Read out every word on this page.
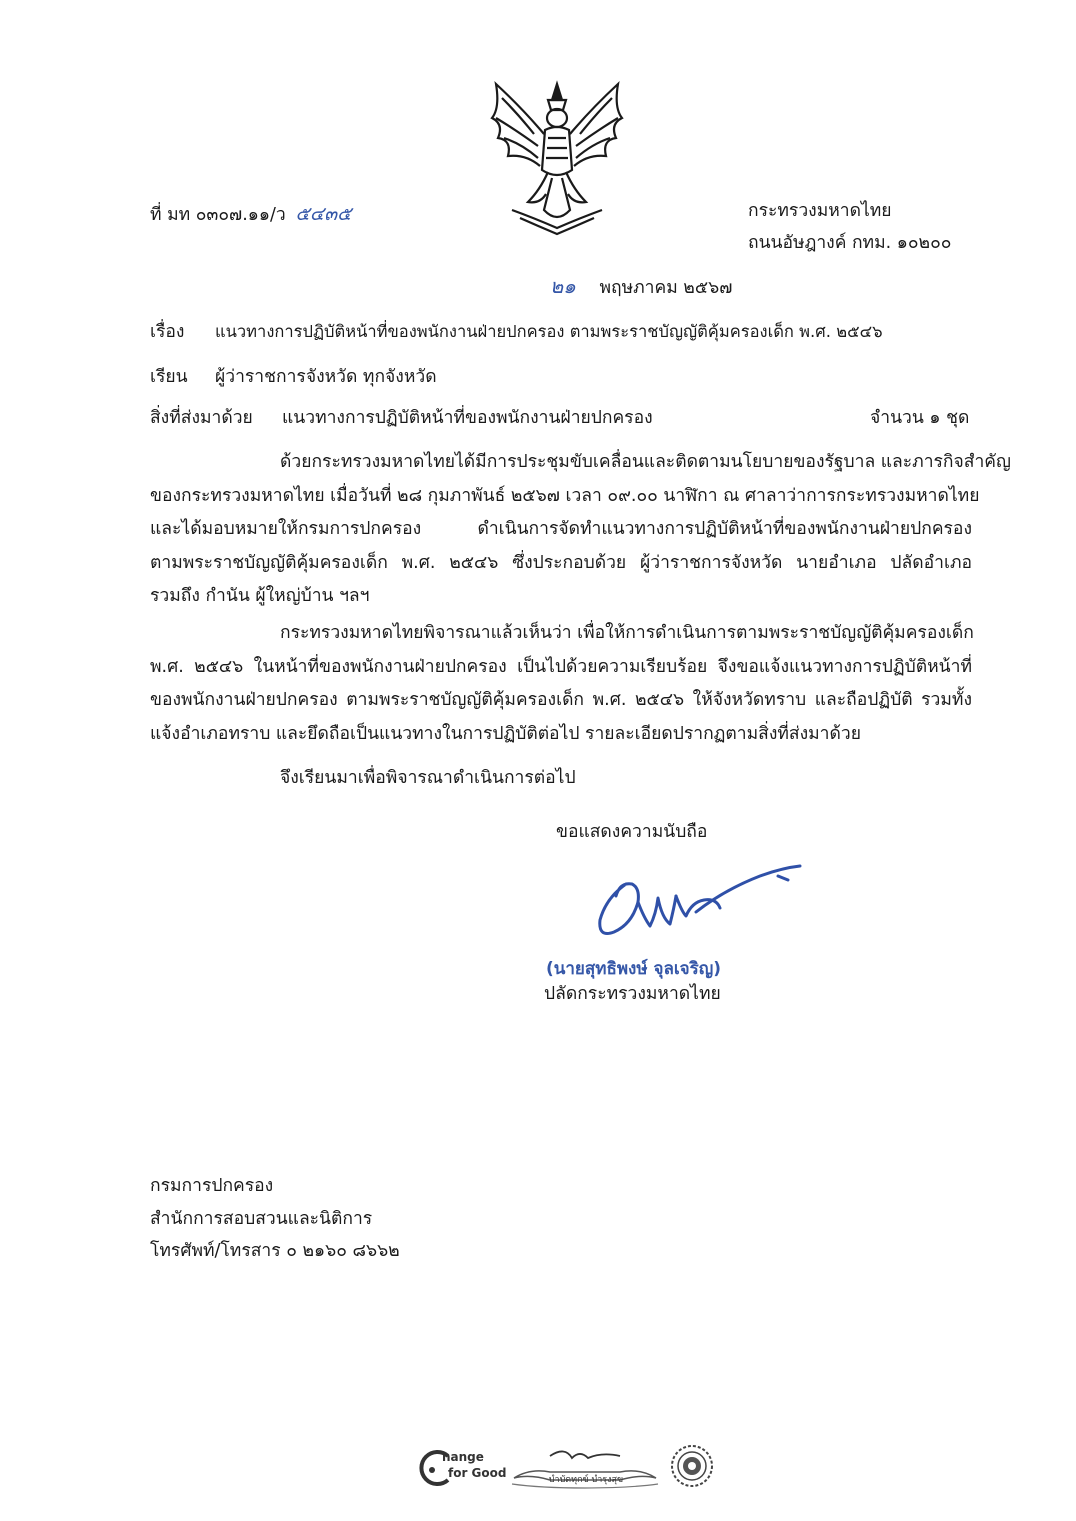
ที่ มท ๐๓๐๗.๑๑/ว ๕๔๓๕	กระทรวงมหาดไทย
ถนนอัษฎางค์ กทม. ๑๐๒๐๐
๒๑ พฤษภาคม ๒๕๖๗
เรื่อง แนวทางการปฏิบัติหน้าที่ของพนักงานฝ่ายปกครอง ตามพระราชบัญญัติคุ้มครองเด็ก พ.ศ. ๒๕๔๖
เรียน ผู้ว่าราชการจังหวัด ทุกจังหวัด
สิ่งที่ส่งมาด้วย แนวทางการปฏิบัติหน้าที่ของพนักงานฝ่ายปกครอง	จำนวน ๑ ชุด
ด้วยกระทรวงมหาดไทยได้มีการประชุมขับเคลื่อนและติดตามนโยบายของรัฐบาล และภารกิจสำคัญ
ของกระทรวงมหาดไทย เมื่อวันที่ ๒๘ กุมภาพันธ์ ๒๕๖๗ เวลา ๐๙.๐๐ นาฬิกา ณ ศาลาว่าการกระทรวงมหาดไทย
และได้มอบหมายให้กรมการปกครอง ดำเนินการจัดทำแนวทางการปฏิบัติหน้าที่ของพนักงานฝ่ายปกครอง
ตามพระราชบัญญัติคุ้มครองเด็ก พ.ศ. ๒๕๔๖ ซึ่งประกอบด้วย ผู้ว่าราชการจังหวัด นายอำเภอ ปลัดอำเภอ
รวมถึง กำนัน ผู้ใหญ่บ้าน ฯลฯ
กระทรวงมหาดไทยพิจารณาแล้วเห็นว่า เพื่อให้การดำเนินการตามพระราชบัญญัติคุ้มครองเด็ก
พ.ศ. ๒๕๔๖ ในหน้าที่ของพนักงานฝ่ายปกครอง เป็นไปด้วยความเรียบร้อย จึงขอแจ้งแนวทางการปฏิบัติหน้าที่
ของพนักงานฝ่ายปกครอง ตามพระราชบัญญัติคุ้มครองเด็ก พ.ศ. ๒๕๔๖ ให้จังหวัดทราบ และถือปฏิบัติ รวมทั้ง
แจ้งอำเภอทราบ และยึดถือเป็นแนวทางในการปฏิบัติต่อไป รายละเอียดปรากฏตามสิ่งที่ส่งมาด้วย
จึงเรียนมาเพื่อพิจารณาดำเนินการต่อไป
ขอแสดงความนับถือ
(นายสุทธิพงษ์ จุลเจริญ)
ปลัดกระทรวงมหาดไทย
กรมการปกครอง
สำนักการสอบสวนและนิติการ
โทรศัพท์/โทรสาร ๐ ๒๑๖๐ ๘๖๖๒
hange
for Good	บำบัดทุกข์ บำรุงสุข
